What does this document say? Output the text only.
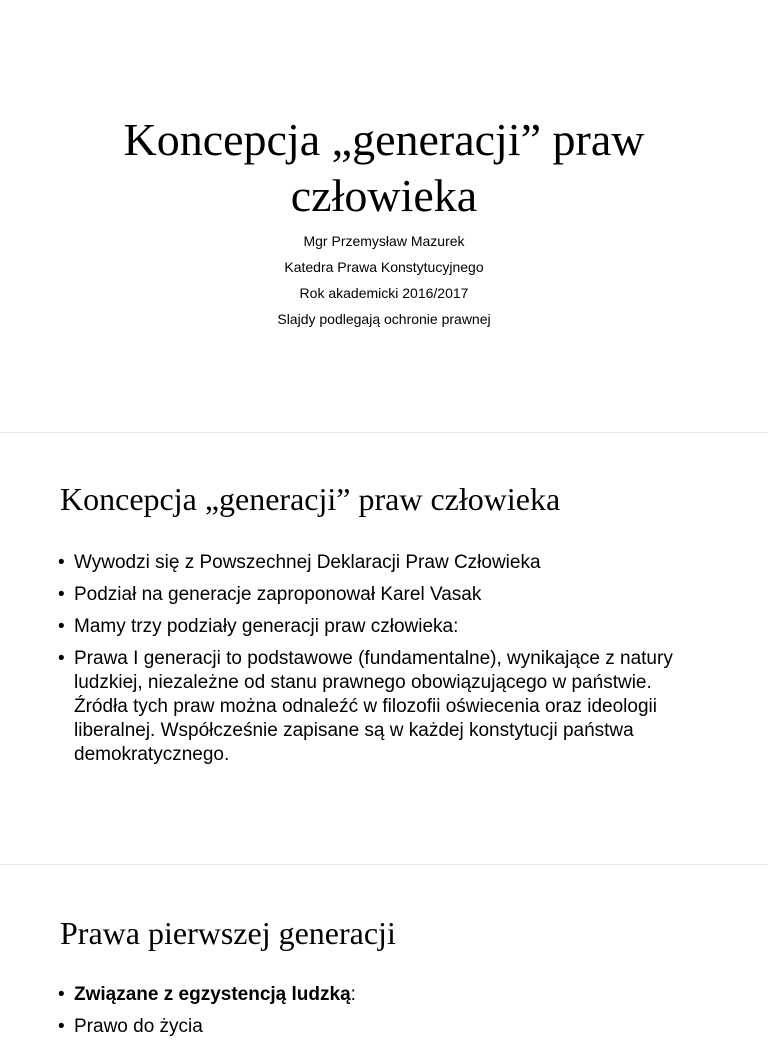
Koncepcja „generacji” praw
człowieka
Mgr Przemysław Mazurek
Katedra Prawa Konstytucyjnego
Rok akademicki 2016/2017
Slajdy podlegają ochronie prawnej
Koncepcja „generacji” praw człowieka
• Wywodzi się z Powszechnej Deklaracji Praw Człowieka
• Podział na generacje zaproponował Karel Vasak
• Mamy trzy podziały generacji praw człowieka:
• Prawa I generacji to podstawowe (fundamentalne), wynikające z natury ludzkiej, niezależne od stanu prawnego obowiązującego w państwie. Źródła tych praw można odnaleźć w filozofii oświecenia oraz ideologii liberalnej. Współcześnie zapisane są w każdej konstytucji państwa demokratycznego.
Prawa pierwszej generacji
• Związane z egzystencją ludzką:
• Prawo do życia
